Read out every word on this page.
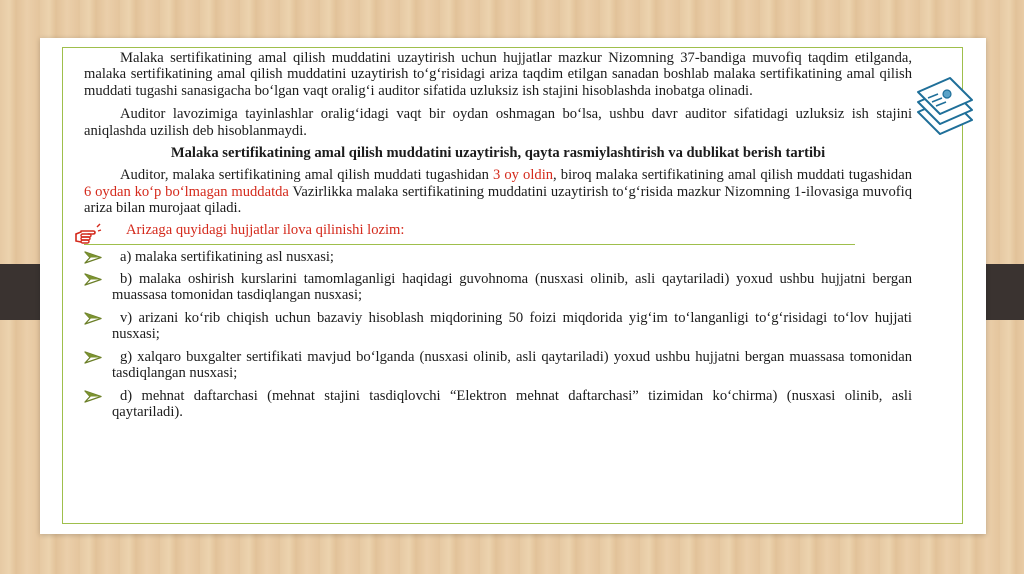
Malaka sertifikatining amal qilish muddatini uzaytirish uchun hujjatlar mazkur Nizomning 37-bandiga muvofiq taqdim etilganda, malaka sertifikatining amal qilish muddatini uzaytirish to‘g‘risidagi ariza taqdim etilgan sanadan boshlab malaka sertifikatining amal qilish muddati tugashi sanasigacha bo‘lgan vaqt oralig‘i auditor sifatida uzluksiz ish stajini hisoblashda inobatga olinadi.

Auditor lavozimiga tayinlashlar oralig‘idagi vaqt bir oydan oshmagan bo‘lsa, ushbu davr auditor sifatidagi uzluksiz ish stajini aniqlashda uzilish deb hisoblanmaydi.

Malaka sertifikatining amal qilish muddatini uzaytirish, qayta rasmiylashtirish va dublikat berish tartibi

Auditor, malaka sertifikatining amal qilish muddati tugashidan 3 oy oldin, biroq malaka sertifikatining amal qilish muddati tugashidan 6 oydan ko‘p bo‘lmagan muddatda Vazirlikka malaka sertifikatining muddatini uzaytirish to‘g‘risida mazkur Nizomning 1-ilovasiga muvofiq ariza bilan murojaat qiladi.

Arizaga quyidagi hujjatlar ilova qilinishi lozim:
a) malaka sertifikatining asl nusxasi;
b) malaka oshirish kurslarini tamomlaganligi haqidagi guvohnoma (nusxasi olinib, asli qaytariladi) yoxud ushbu hujjatni bergan muassasa tomonidan tasdiqlangan nusxasi;
v) arizani ko‘rib chiqish uchun bazaviy hisoblash miqdorining 50 foizi miqdorida yig‘im to‘langanligi to‘g‘risidagi to‘lov hujjati nusxasi;
g) xalqaro buxgalter sertifikati mavjud bo‘lganda (nusxasi olinib, asli qaytariladi) yoxud ushbu hujjatni bergan muassasa tomonidan tasdiqlangan nusxasi;
d) mehnat daftarchasi (mehnat stajini tasdiqlovchi “Elektron mehnat daftarchasi” tizimidan ko‘chirma) (nusxasi olinib, asli qaytariladi).
